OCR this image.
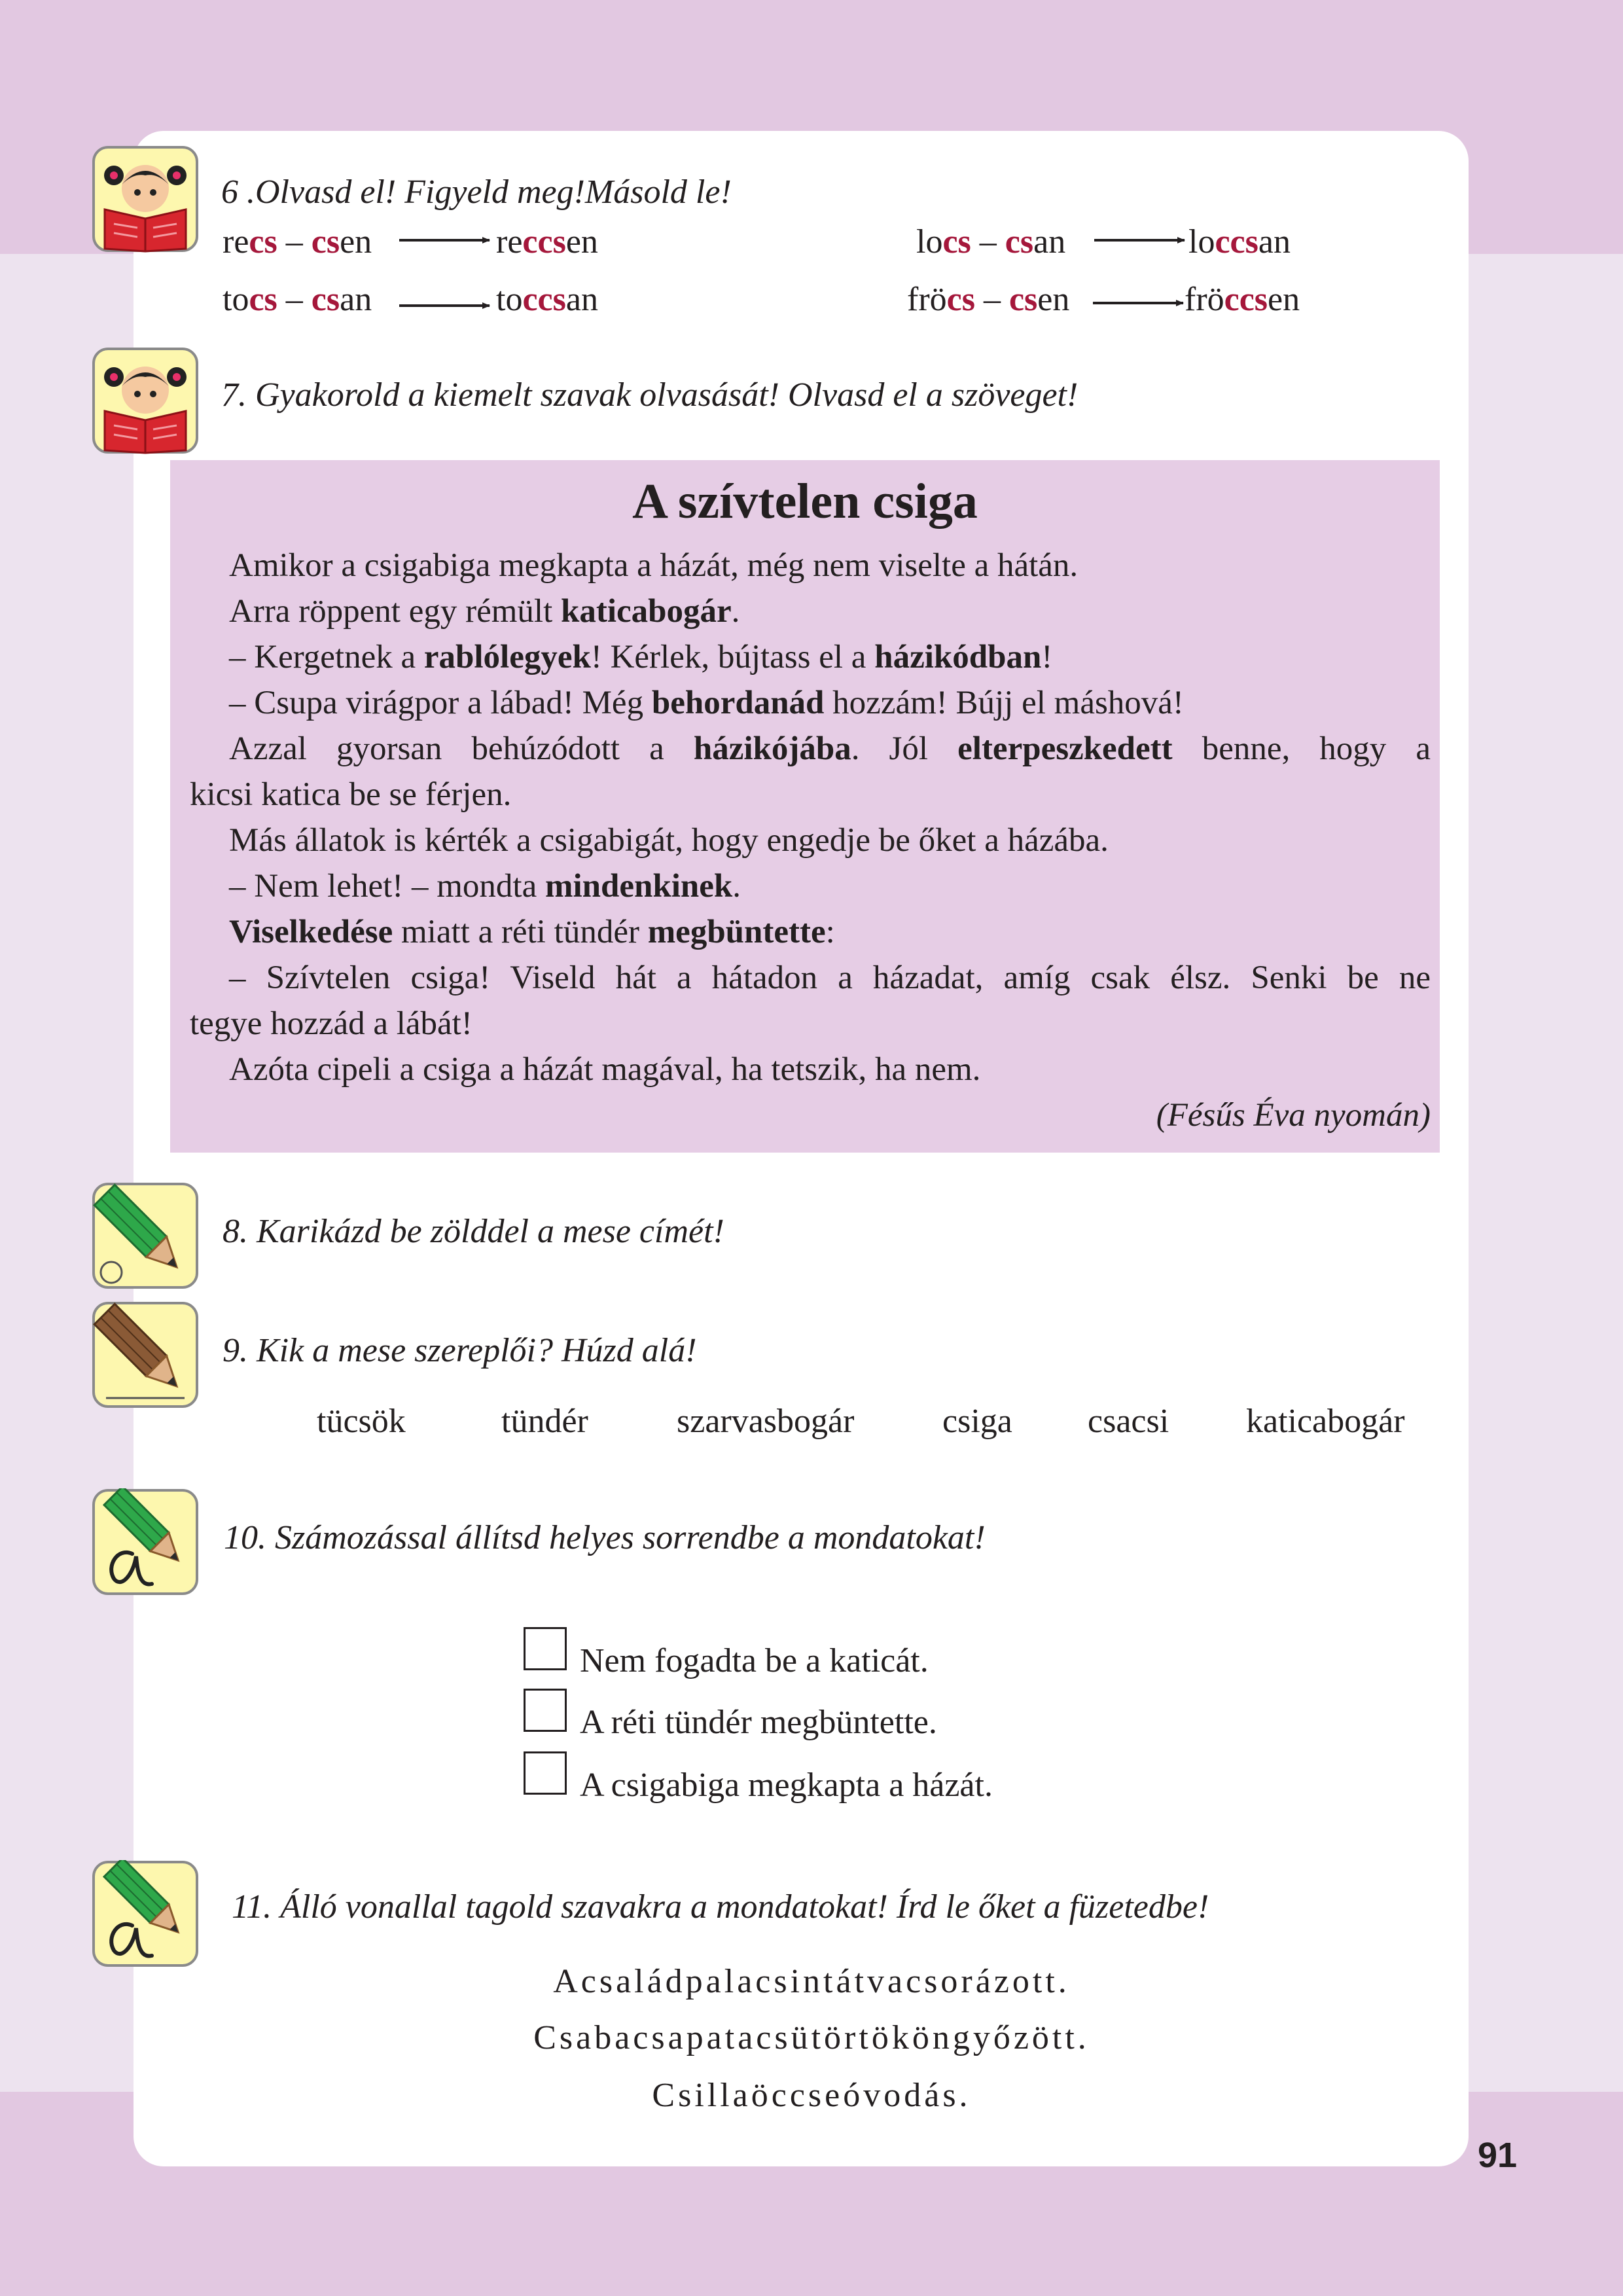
6 .Olvasd el! Figyeld meg!Másold le!
recs – csen	reccsen	locs – csan	loccsan
tocs – csan	toccsan	fröcs – csen	fröccsen
7. Gyakorold a kiemelt szavak olvasását! Olvasd el a szöveget!
A szívtelen csiga
Amikor a csigabiga megkapta a házát, még nem viselte a hátán.
Arra röppent egy rémült katicabogár.
– Kergetnek a rablólegyek! Kérlek, bújtass el a házikódban!
– Csupa virágpor a lábad! Még behordanád hozzám! Bújj el máshová!
Azzal gyorsan behúzódott a házikójába. Jól elterpeszkedett benne, hogy a
kicsi katica be se férjen.
Más állatok is kérték a csigabigát, hogy engedje be őket a házába.
– Nem lehet! – mondta mindenkinek.
Viselkedése miatt a réti tündér megbüntette:
– Szívtelen csiga! Viseld hát a hátadon a házadat, amíg csak élsz. Senki be ne
tegye hozzád a lábát!
Azóta cipeli a csiga a házát magával, ha tetszik, ha nem.
(Fésűs Éva nyomán)
8. Karikázd be zölddel a mese címét!
9. Kik a mese szereplői? Húzd alá!
tücsök	tündér	szarvasbogár	csiga csacsi katicabogár
10. Számozással állítsd helyes sorrendbe a mondatokat!
Nem fogadta be a katicát.
A réti tündér megbüntette.
A csigabiga megkapta a házát.
11. Álló vonallal tagold szavakra a mondatokat! Írd le őket a füzetedbe!
Acsaládpalacsintátvacsorázott.
Csabacsapatacsütörtököngyőzött.
Csillaöccseóvodás.
91
